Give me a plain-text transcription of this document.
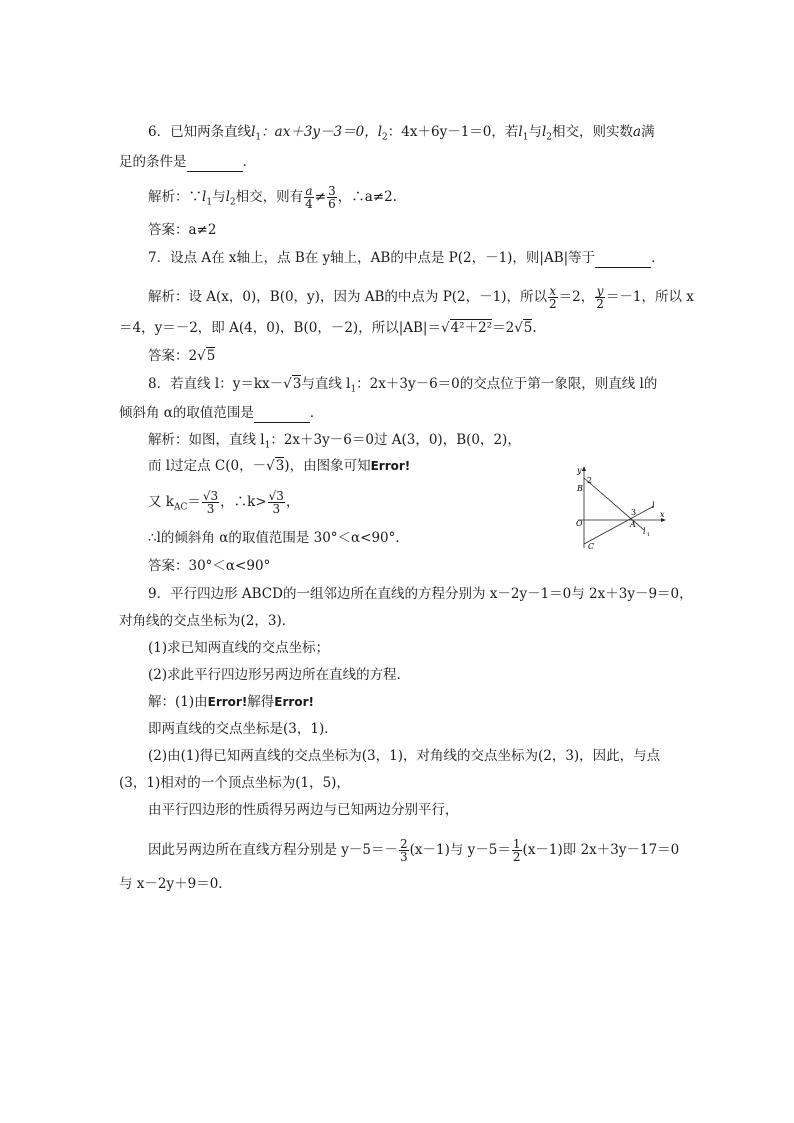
6．已知两条直线$l_1$：ax＋3y－3＝0，$l_2$：4x＋6y－1＝0，若$l_1$与$l_2$相交，则实数a满
足的条件是	．
解析：$\because l_1$与$l_2$相交，则有 $\frac{a}{4} \ne \frac{3}{6}$ ，∴a≠2.
答案：a≠2
7．设点 A在 x轴上，点 B在 y轴上，AB的中点是 P(2，－1)，则|AB|等于	．
解析：设 A(x，0)，B(0，y)，因为 AB的中点为 P(2，－1)，所以 $\frac{x}{2} =2$， $\frac{y}{2} =-1$，所以 x
＝4，y＝－2，即 A(4，0)，B(0，－2)，所以|AB|＝√4²＋2²＝2√5.
答案：2√5
8．若直线 l：y＝kx－√3与直线 $l_1$：2x＋3y－6＝0的交点位于第一象限，则直线 l的
倾斜角 α的取值范围是	．
解析：如图，直线 $l_1$：2x＋3y－6＝0过 A(3，0)，B(0，2)，
而 l过定点 C(0，－√3)，由图象可知Error!
又 $k_{AC}= \frac{√3}{3}$ ，∴k> $\frac{√3}{3}$ ，
∴l的倾斜角 α的取值范围是 30°＜α<90°．
答案：30°＜α<90°
y
x
O
B
2
3
A
C
l
l 1
9．平行四边形 ABCD的一组邻边所在直线的方程分别为 x－2y－1＝0与 2x＋3y－9＝0，
对角线的交点坐标为(2，3)．
(1)求已知两直线的交点坐标；
(2)求此平行四边形另两边所在直线的方程．
解：(1)由Error!解得Error!
即两直线的交点坐标是(3，1)．
(2)由(1)得已知两直线的交点坐标为(3，1)，对角线的交点坐标为(2，3)，因此，与点
(3，1)相对的一个顶点坐标为(1，5)，
由平行四边形的性质得另两边与已知两边分别平行，
因此另两边所在直线方程分别是 $y-5=- \frac{2}{3} (x-1)$与 $y-5= \frac{1}{2} (x-1)$即 2x＋3y－17＝0
与 x－2y＋9＝0.
